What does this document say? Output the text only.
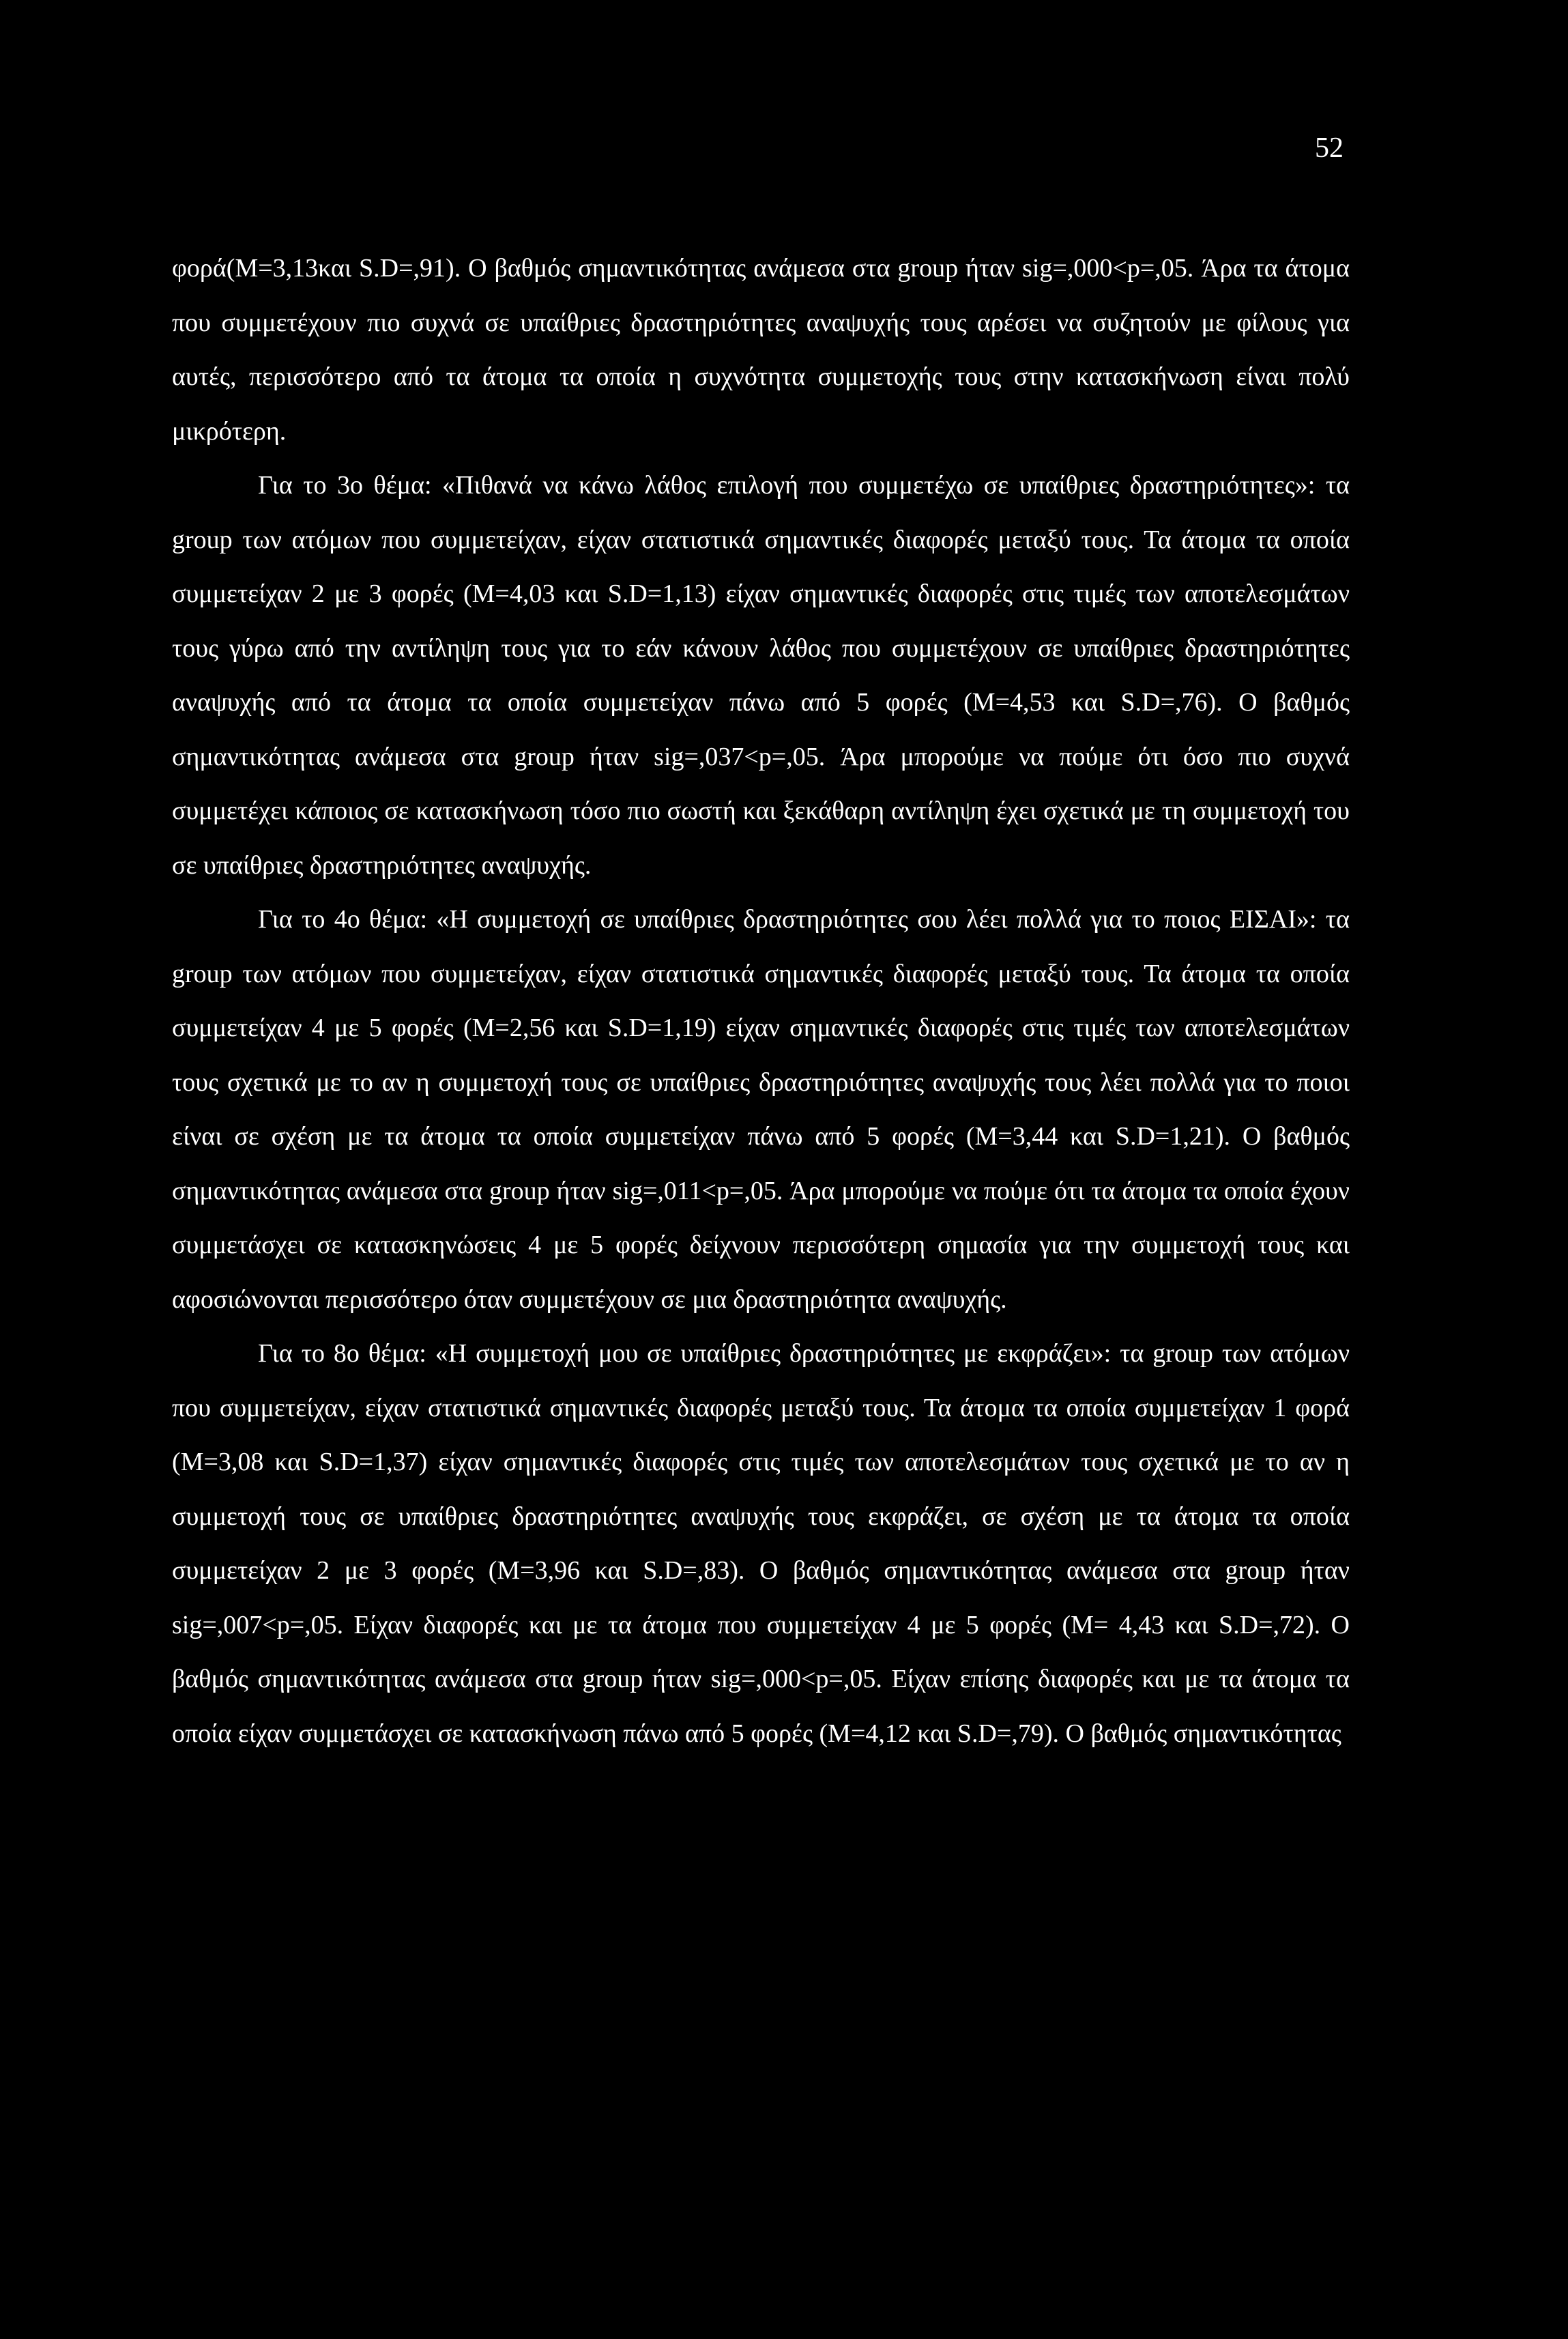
52

φορά(Μ=3,13και S.D=,91). Ο βαθμός σημαντικότητας ανάμεσα στα group ήταν sig=,000<p=,05. Άρα τα άτομα που συμμετέχουν πιο συχνά σε υπαίθριες δραστηριότητες αναψυχής τους αρέσει να συζητούν με φίλους για αυτές, περισσότερο από τα άτομα τα οποία η συχνότητα συμμετοχής τους στην κατασκήνωση είναι πολύ μικρότερη.

Για το 3ο θέμα: «Πιθανά να κάνω λάθος επιλογή που συμμετέχω σε υπαίθριες δραστηριότητες»: τα group των ατόμων που συμμετείχαν, είχαν στατιστικά σημαντικές διαφορές μεταξύ τους. Τα άτομα τα οποία συμμετείχαν 2 με 3 φορές (Μ=4,03 και S.D=1,13) είχαν σημαντικές διαφορές στις τιμές των αποτελεσμάτων τους γύρω από την αντίληψη τους για το εάν κάνουν λάθος που συμμετέχουν σε υπαίθριες δραστηριότητες αναψυχής από τα άτομα τα οποία συμμετείχαν πάνω από 5 φορές (Μ=4,53 και S.D=,76). Ο βαθμός σημαντικότητας ανάμεσα στα group ήταν sig=,037<p=,05. Άρα μπορούμε να πούμε ότι όσο πιο συχνά συμμετέχει κάποιος σε κατασκήνωση τόσο πιο σωστή και ξεκάθαρη αντίληψη έχει σχετικά με τη συμμετοχή του σε υπαίθριες δραστηριότητες αναψυχής.

Για το 4ο θέμα: «Η συμμετοχή σε υπαίθριες δραστηριότητες σου λέει πολλά για το ποιος ΕΙΣΑΙ»: τα group των ατόμων που συμμετείχαν, είχαν στατιστικά σημαντικές διαφορές μεταξύ τους. Τα άτομα τα οποία συμμετείχαν 4 με 5 φορές (Μ=2,56 και S.D=1,19) είχαν σημαντικές διαφορές στις τιμές των αποτελεσμάτων τους σχετικά με το αν η συμμετοχή τους σε υπαίθριες δραστηριότητες αναψυχής τους λέει πολλά για το ποιοι είναι σε σχέση με τα άτομα τα οποία συμμετείχαν πάνω από 5 φορές (Μ=3,44 και S.D=1,21). Ο βαθμός σημαντικότητας ανάμεσα στα group ήταν sig=,011<p=,05. Άρα μπορούμε να πούμε ότι τα άτομα τα οποία έχουν συμμετάσχει σε κατασκηνώσεις 4 με 5 φορές δείχνουν περισσότερη σημασία για την συμμετοχή τους και αφοσιώνονται περισσότερο όταν συμμετέχουν σε μια δραστηριότητα αναψυχής.

Για το 8ο θέμα: «Η συμμετοχή μου σε υπαίθριες δραστηριότητες με εκφράζει»: τα group των ατόμων που συμμετείχαν, είχαν στατιστικά σημαντικές διαφορές μεταξύ τους. Τα άτομα τα οποία συμμετείχαν 1 φορά (Μ=3,08 και S.D=1,37) είχαν σημαντικές διαφορές στις τιμές των αποτελεσμάτων τους σχετικά με το αν η συμμετοχή τους σε υπαίθριες δραστηριότητες αναψυχής τους εκφράζει, σε σχέση με τα άτομα τα οποία συμμετείχαν 2 με 3 φορές (Μ=3,96 και S.D=,83). Ο βαθμός σημαντικότητας ανάμεσα στα group ήταν sig=,007<p=,05. Είχαν διαφορές και με τα άτομα που συμμετείχαν 4 με 5 φορές (Μ= 4,43 και S.D=,72). Ο βαθμός σημαντικότητας ανάμεσα στα group ήταν sig=,000<p=,05. Είχαν επίσης διαφορές και με τα άτομα τα οποία είχαν συμμετάσχει σε κατασκήνωση πάνω από 5 φορές (Μ=4,12 και S.D=,79). Ο βαθμός σημαντικότητας
